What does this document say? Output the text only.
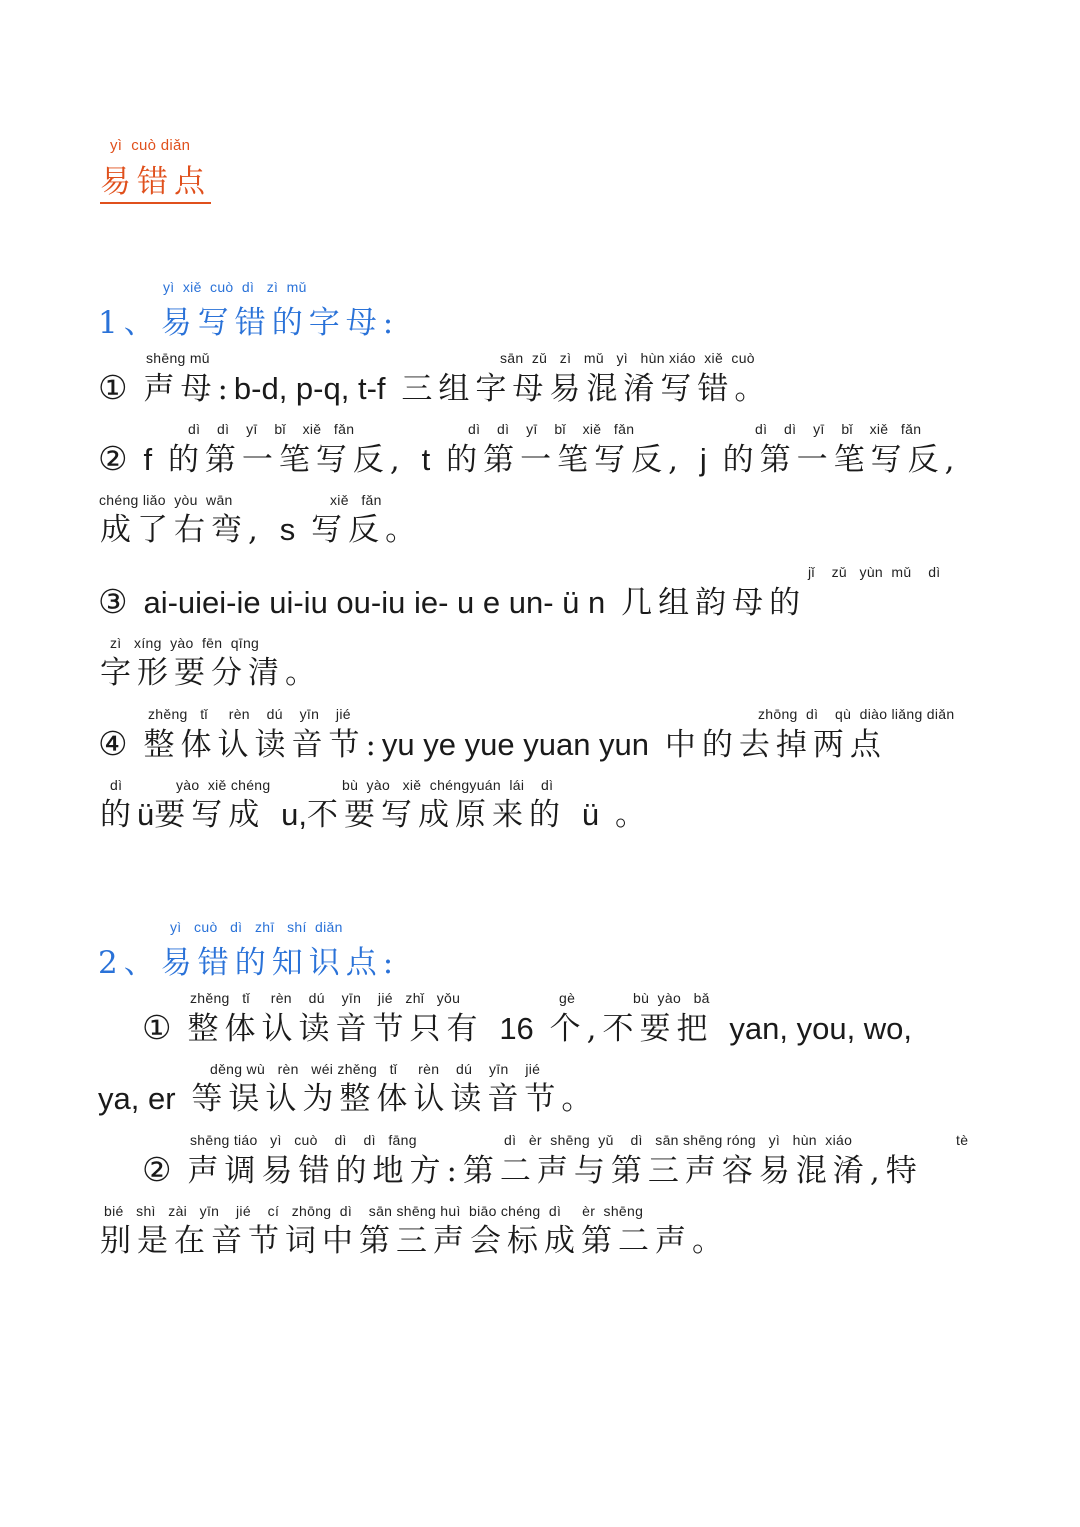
yì  cuò diǎn
易错点
yì  xiě  cuò  dì   zì  mǔ
1、易写错的字母:
shēng mǔ	sān  zǔ   zì   mǔ   yì   hùn xiáo  xiě  cuò
① 声母:b-d, p-q, t-f 三组字母易混淆写错。
dì    dì    yī    bǐ    xiě   fǎn	dì    dì    yī    bǐ    xiě   fǎn	dì    dì    yī    bǐ    xiě   fǎn
② f 的第一笔写反, t 的第一笔写反, j 的第一笔写反,
chéng liǎo  yòu  wān	xiě   fǎn
成了右弯, s 写反。
jǐ    zǔ   yùn  mǔ    dì
③ ai-uiei-ie ui-iu ou-iu ie- u e un- ü n 几组韵母的
zì   xíng  yào  fēn  qīng
字形要分清。
zhěng   tǐ     rèn    dú    yīn    jié	zhōng  dì    qù  diào liǎng diǎn
④ 整体认读音节:yu ye yue yuan yun 中的去掉两点
dì	yào  xiě chéng	bù  yào   xiě  chéngyuán  lái    dì
的ü要写成 u,不要写成原来的 ü 。
yì   cuò   dì   zhī   shí  diǎn
2、易错的知识点:
zhěng   tǐ     rèn    dú    yīn    jié   zhǐ   yǒu	gè	bù  yào   bǎ
① 整体认读音节只有 16 个,不要把 yan, you, wo,
děng wù   rèn   wéi zhěng   tǐ     rèn    dú    yīn    jié
ya, er 等误认为整体认读音节。
shēng tiáo   yì   cuò    dì    dì   fāng	dì   èr  shēng  yǔ    dì   sān shēng róng   yì   hùn  xiáo	tè
② 声调易错的地方:第二声与第三声容易混淆,特
bié   shì   zài   yīn    jié    cí   zhōng  dì    sān shēng huì  biāo chéng  dì     èr  shēng
别是在音节词中第三声会标成第二声。
